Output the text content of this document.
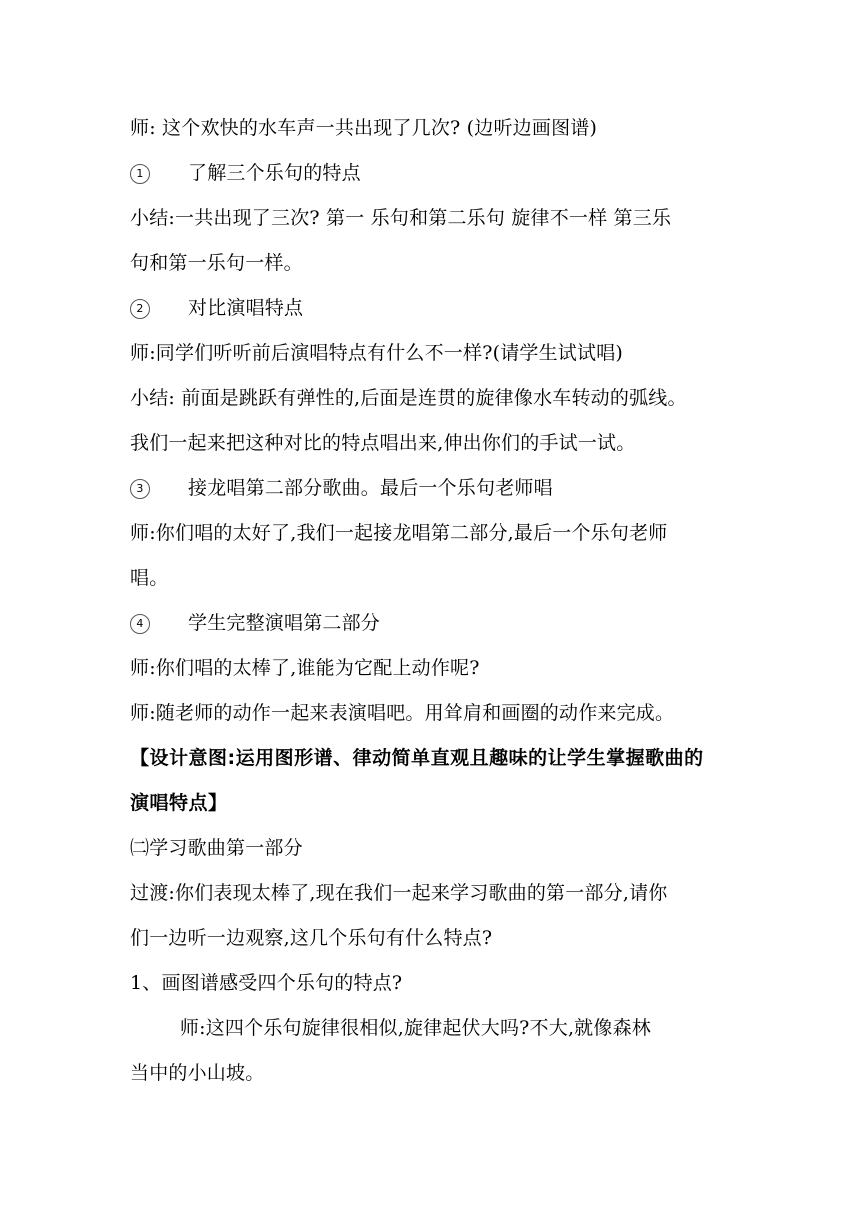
师: 这个欢快的水车声一共出现了几次? (边听边画图谱)
1 了解三个乐句的特点
小结:一共出现了三次? 第一 乐句和第二乐句 旋律不一样 第三乐
句和第一乐句一样。
2 对比演唱特点
师:同学们听听前后演唱特点有什么不一样?(请学生试试唱)
小结: 前面是跳跃有弹性的,后面是连贯的旋律像水车转动的弧线。
我们一起来把这种对比的特点唱出来,伸出你们的手试一试。
3 接龙唱第二部分歌曲。最后一个乐句老师唱
师:你们唱的太好了,我们一起接龙唱第二部分,最后一个乐句老师
唱。
4 学生完整演唱第二部分
师:你们唱的太棒了,谁能为它配上动作呢?
师:随老师的动作一起来表演唱吧。用耸肩和画圈的动作来完成。
【设计意图:运用图形谱、律动简单直观且趣味的让学生掌握歌曲的
演唱特点】
㈡学习歌曲第一部分
过渡:你们表现太棒了,现在我们一起来学习歌曲的第一部分,请你
们一边听一边观察,这几个乐句有什么特点?
1、画图谱感受四个乐句的特点?
师:这四个乐句旋律很相似,旋律起伏大吗?不大,就像森林
当中的小山坡。
